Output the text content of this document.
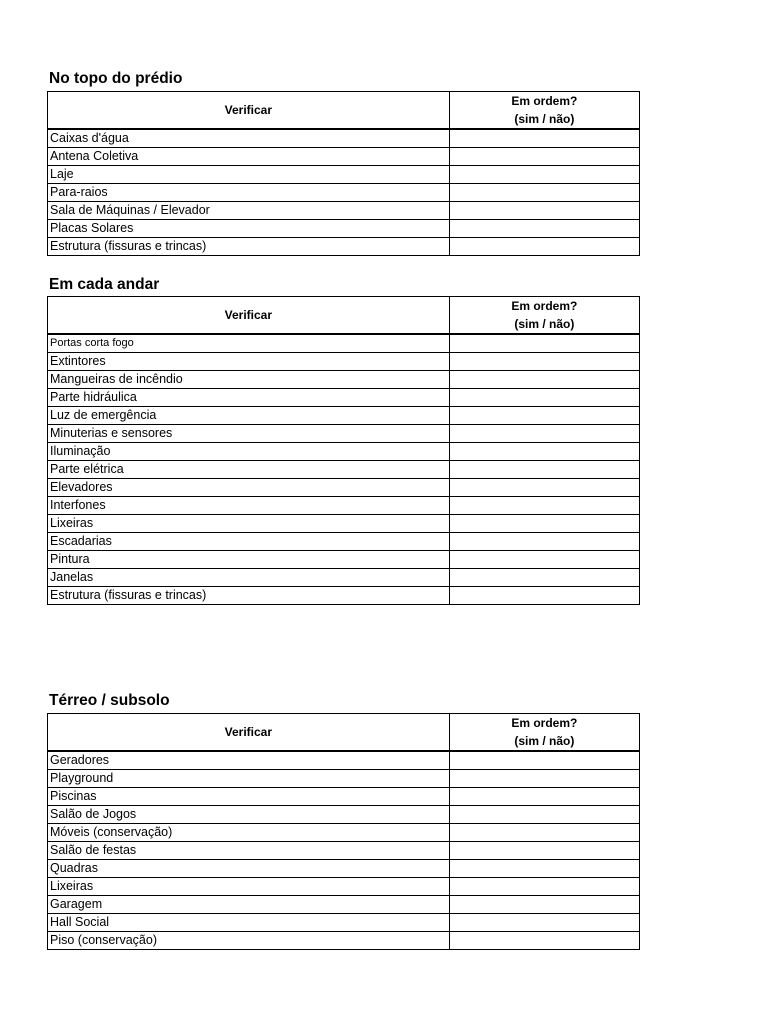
No topo do prédio
Verificar	Em ordem?
(sim / não)

Caixas d'água	
Antena Coletiva	
Laje	
Para-raios	
Sala de Máquinas / Elevador	
Placas Solares	
Estrutura (fissuras e trincas)	
Em cada andar
Verificar	Em ordem?
(sim / não)

Portas corta fogo	
Extintores	
Mangueiras de incêndio	
Parte hidráulica	
Luz de emergência	
Minuterias e sensores	
Iluminação	
Parte elétrica	
Elevadores	
Interfones	
Lixeiras	
Escadarias	
Pintura	
Janelas	
Estrutura (fissuras e trincas)	
Térreo / subsolo
Verificar	Em ordem?
(sim / não)

Geradores	
Playground	
Piscinas	
Salão de Jogos	
Móveis (conservação)	
Salão de festas	
Quadras	
Lixeiras	
Garagem	
Hall Social	
Piso (conservação)	
